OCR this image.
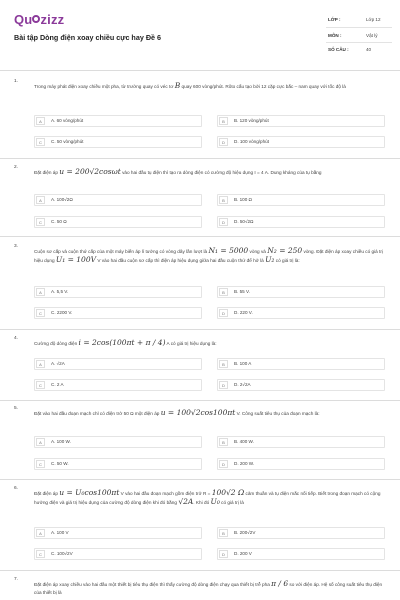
Qu zizz
Bài tập Dòng điện xoay chiều cực hay Đề 6
LỚP :	Lớp 12
MÔN :	Vật lý
SỐ CÂU :	40
1.
Trong máy phát điện xoay chiều một pha, từ trường quay có véc tơ B quay 600 vòng/phút. Rôto cấu tạo bởi 12 cặp cực bắc – nam quay với tốc độ là
A	A. 60 vòng/phút	B	B. 120 vòng/phút
C	C. 50 vòng/phút	D	D. 100 vòng/phút
2.
Đặt điện áp u = 200√2cosωt vào hai đầu tụ điện thì tạo ra dòng điện có cường độ hiệu dụng I = 4 A. Dung kháng của tụ bằng
A	A. 100√2Ω	B	B. 100 Ω
C	C. 50 Ω	D	D. 50√2Ω
3.
Cuộn sơ cấp và cuộn thứ cấp của một máy biến áp lí tưởng có vòng dây lần lượt là N₁ = 5000 vòng và N₂ = 250 vòng. Đặt điện áp xoay chiều có giá trị hiệu dụng U₁ = 100V V vào hai đầu cuộn sơ cấp thì điện áp hiệu dụng giữa hai đầu cuộn thứ để hở là U₂ có giá trị là:
A	A. 5,5 V.	B	B. 55 V.
C	C. 2200 V.	D	D. 220 V.
4.
Cường độ dòng điện i = 2cos(100πt + π / 4) A có giá trị hiệu dụng là:
A	A. √2A	B	B. 100 A
C	C. 2 A	D	D. 2√2A
5.
Đặt vào hai đầu đoạn mạch chỉ có điện trở 50 Ω một điện áp u = 100√2cos100πt V. Công suất tiêu thụ của đoạn mạch là:
A	A. 100 W.	B	B. 400 W.
C	C. 50 W.	D	D. 200 W.
6.
Đặt điện áp u = U₀cos100πt V vào hai đầu đoạn mạch gồm điện trở R = 100√2 Ω cảm thuần và tụ điện mắc nối tiếp. Biết trong đoạn mạch có cộng hưởng điện và giá trị hiệu dụng của cường độ dòng điện khi đó bằng √2A. Khi đó U₀ có giá trị là
A	A. 100 V	B	B. 200√2V
C	C. 100√2V	D	D. 200 V
7.
Đặt điện áp xoay chiều vào hai đầu một thiết bị tiêu thụ điện thì thấy cường độ dòng điện chạy qua thiết bị trễ pha π / 6 so với điện áp. Hệ số công suất tiêu thụ điện của thiết bị là
